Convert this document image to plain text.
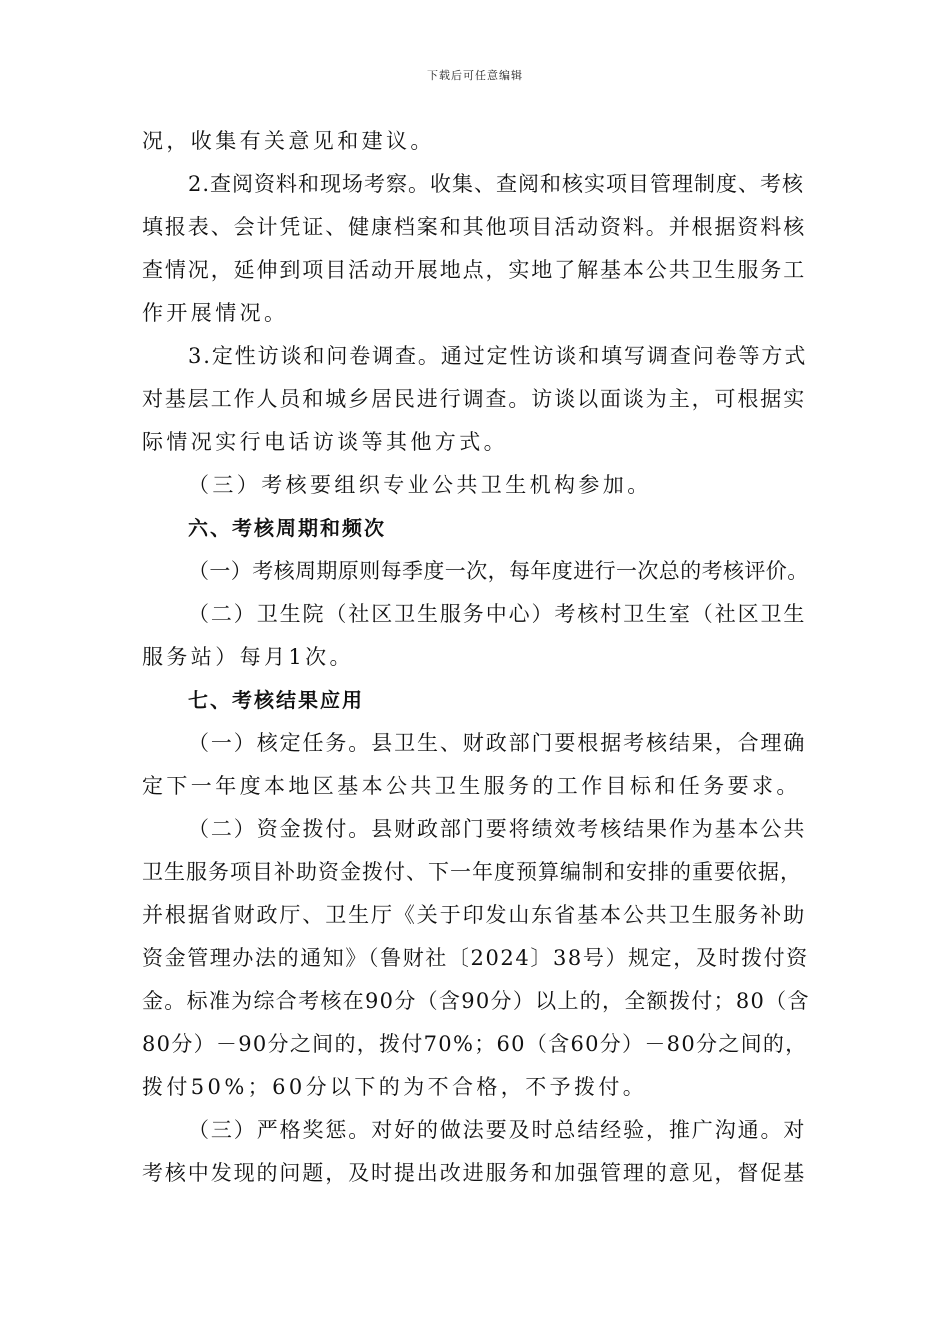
下载后可任意编辑
况，收集有关意见和建议。
2.查阅资料和现场考察。收集、查阅和核实项目管理制度、考核
填报表、会计凭证、健康档案和其他项目活动资料。并根据资料核
查情况，延伸到项目活动开展地点，实地了解基本公共卫生服务工
作开展情况。
3.定性访谈和问卷调查。通过定性访谈和填写调查问卷等方式
对基层工作人员和城乡居民进行调查。访谈以面谈为主，可根据实
际情况实行电话访谈等其他方式。
（三）考核要组织专业公共卫生机构参加。
六、考核周期和频次
（一）考核周期原则每季度一次，每年度进行一次总的考核评价。
（二）卫生院（社区卫生服务中心）考核村卫生室（社区卫生
服务站）每月1次。
七、考核结果应用
（一）核定任务。县卫生、财政部门要根据考核结果，合理确
定下一年度本地区基本公共卫生服务的工作目标和任务要求。
（二）资金拨付。县财政部门要将绩效考核结果作为基本公共
卫生服务项目补助资金拨付、下一年度预算编制和安排的重要依据，
并根据省财政厅、卫生厅《关于印发山东省基本公共卫生服务补助
资金管理办法的通知》（鲁财社〔2024〕38号）规定，及时拨付资
金。标准为综合考核在90分（含90分）以上的，全额拨付；80（含
80分）－90分之间的，拨付70%；60（含60分）－80分之间的，
拨付50%；60分以下的为不合格，不予拨付。
（三）严格奖惩。对好的做法要及时总结经验，推广沟通。对
考核中发现的问题，及时提出改进服务和加强管理的意见，督促基
